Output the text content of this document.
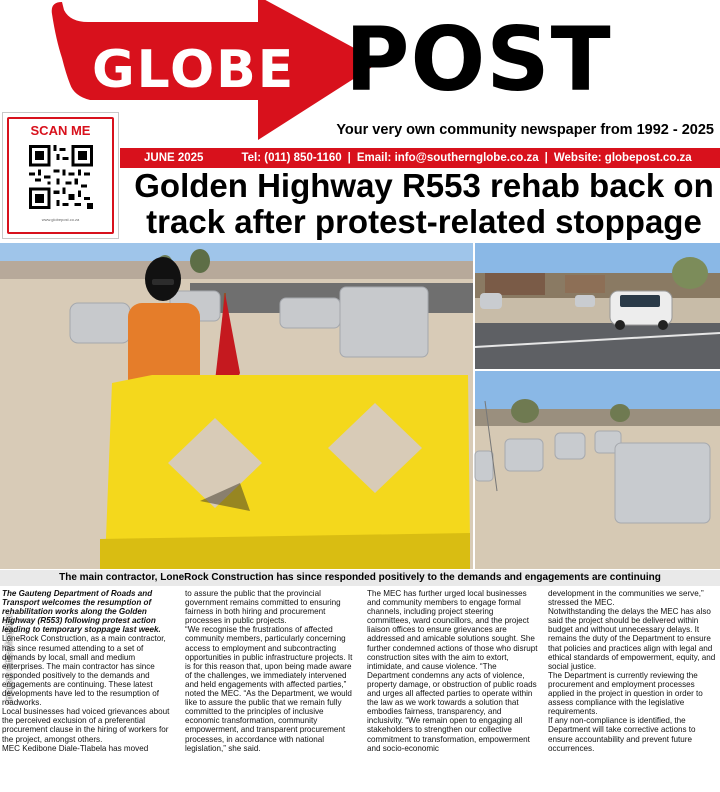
GLOBE POST
Your very own community newspaper from 1992 - 2025
SCAN ME
www.globepost.co.za
JUNE 2025	Tel: (011) 850-1160 | Email: info@southernglobe.co.za | Website: globepost.co.za
Golden Highway R553 rehab back on track after protest-related stoppage
Images: Ottis Manyoba
The main contractor, LoneRock Construction has since responded positively to the demands and engagements are continuing

The Gauteng Department of Roads and Transport welcomes the resumption of rehabilitation works along the Golden Highway (R553) following protest action leading to temporary stoppage last week.

LoneRock Construction, as a main contractor, has since resumed attending to a set of demands by local, small and medium enterprises. The main contractor has since responded positively to the demands and engagements are continuing. These latest developments have led to the resumption of roadworks.

Local businesses had voiced grievances about the perceived exclusion of a preferential procurement clause in the hiring of workers for the project, amongst others.

MEC Kedibone Diale-Tlabela has moved

to assure the public that the provincial government remains committed to ensuring fairness in both hiring and procurement processes in public projects.

“We recognise the frustrations of affected community members, particularly concerning access to employment and subcontracting opportunities in public infrastructure projects. It is for this reason that, upon being made aware of the challenges, we immediately intervened and held engagements with affected parties,” noted the MEC. “As the Department, we would like to assure the public that we remain fully committed to the principles of inclusive economic transformation, community empowerment, and transparent procurement processes, in accordance with national legislation,” she said.

The MEC has further urged local businesses and community members to engage formal channels, including project steering committees, ward councillors, and the project liaison offices to ensure grievances are addressed and amicable solutions sought. She further condemned actions of those who disrupt construction sites with the aim to extort, intimidate, and cause violence. “The Department condemns any acts of violence, property damage, or obstruction of public roads and urges all affected parties to operate within the law as we work towards a solution that embodies fairness, transparency, and inclusivity. “We remain open to engaging all stakeholders to strengthen our collective commitment to transformation, empowerment and socio-economic

development in the communities we serve,” stressed the MEC.

Notwithstanding the delays the MEC has also said the project should be delivered within budget and without unnecessary delays. It remains the duty of the Department to ensure that policies and practices align with legal and ethical standards of empowerment, equity, and social justice.

The Department is currently reviewing the procurement and employment processes applied in the project in question in order to assess compliance with the legislative requirements.

If any non-compliance is identified, the Department will take corrective actions to ensure accountability and prevent future occurrences.
